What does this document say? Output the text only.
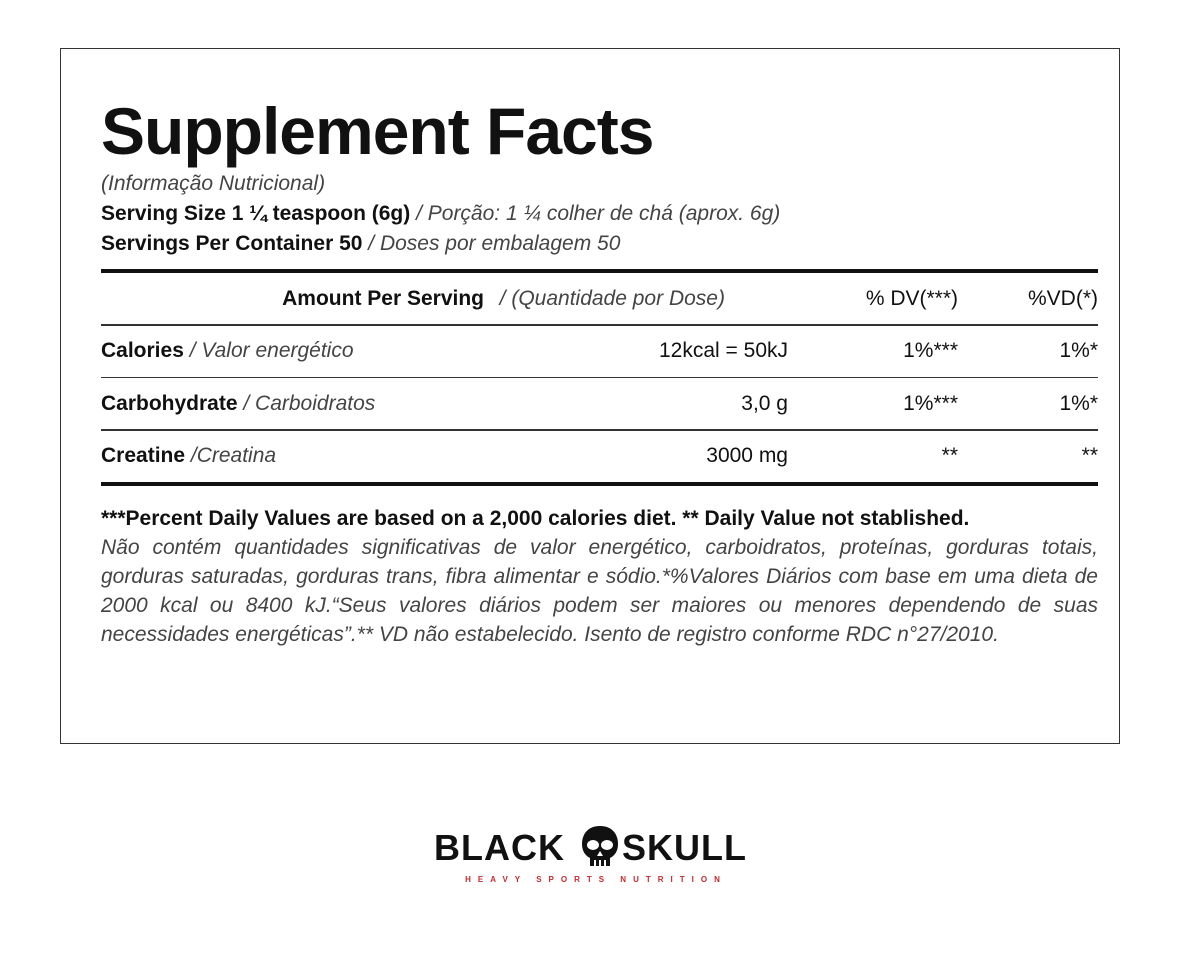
Supplement Facts
(Informação Nutricional)
Serving Size 1 ¼ teaspoon (6g) / Porção: 1 ¼ colher de chá (aprox. 6g)
Servings Per Container 50 / Doses por embalagem 50
Amount Per Serving / (Quantidade por Dose)	% DV(***)	%VD(*)
Calories / Valor energético	12kcal = 50kJ	1%***	1%*
Carbohydrate / Carboidratos	3,0 g	1%***	1%*
Creatine /Creatina	3000 mg	**	**
***Percent Daily Values are based on a 2,000 calories diet. ** Daily Value not stablished.
Não contém quantidades significativas de valor energético, carboidratos, proteínas, gorduras totais, gorduras saturadas, gorduras trans, fibra alimentar e sódio.*%Valores Diários com base em uma dieta de 2000 kcal ou 8400 kJ.“Seus valores diários podem ser maiores ou menores dependendo de suas necessidades energéticas”.** VD não estabelecido. Isento de registro conforme RDC n°27/2010.
BLACK SKULL
HEAVY SPORTS NUTRITION
